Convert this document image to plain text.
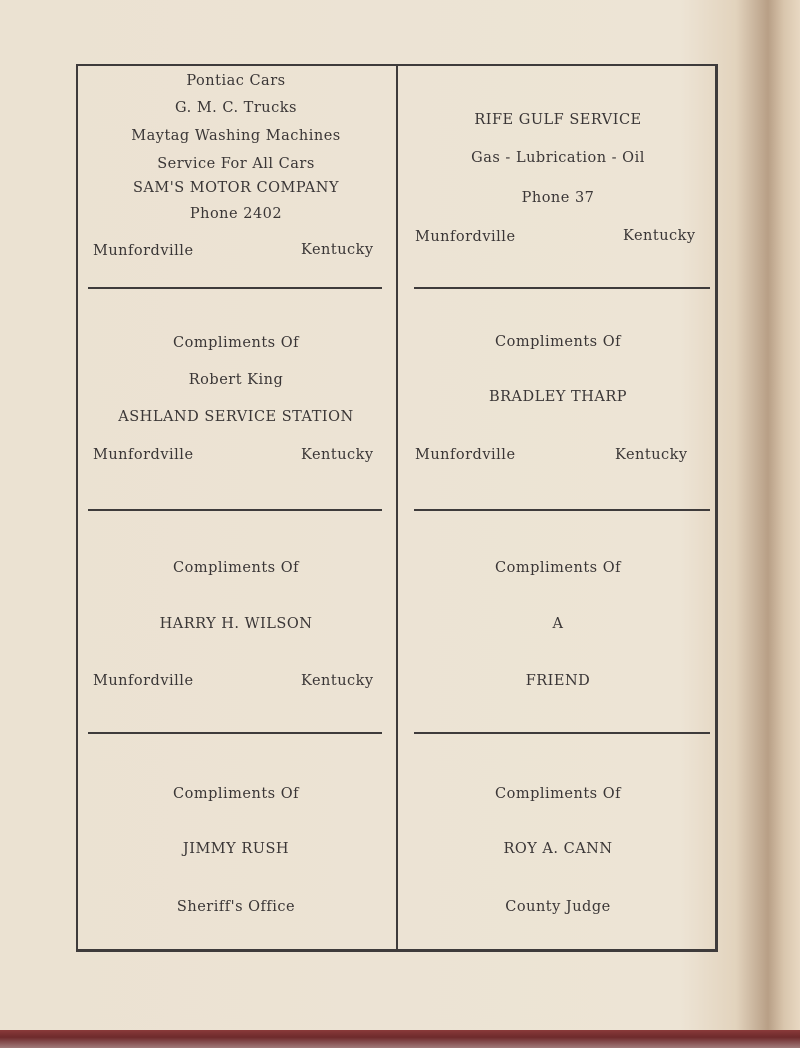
Pontiac Cars
G. M. C. Trucks
Maytag Washing Machines
Service For All Cars
SAM'S MOTOR COMPANY
Phone 2402
Munfordville	Kentucky
RIFE GULF SERVICE
Gas - Lubrication - Oil
Phone 37
Munfordville	Kentucky
Compliments Of
Robert King
ASHLAND SERVICE STATION
Munfordville	Kentucky
Compliments Of
BRADLEY THARP
Munfordville	Kentucky
Compliments Of
HARRY H. WILSON
Munfordville	Kentucky
Compliments Of
A
FRIEND
Compliments Of
JIMMY RUSH
Sheriff's Office
Compliments Of
ROY A. CANN
County Judge
